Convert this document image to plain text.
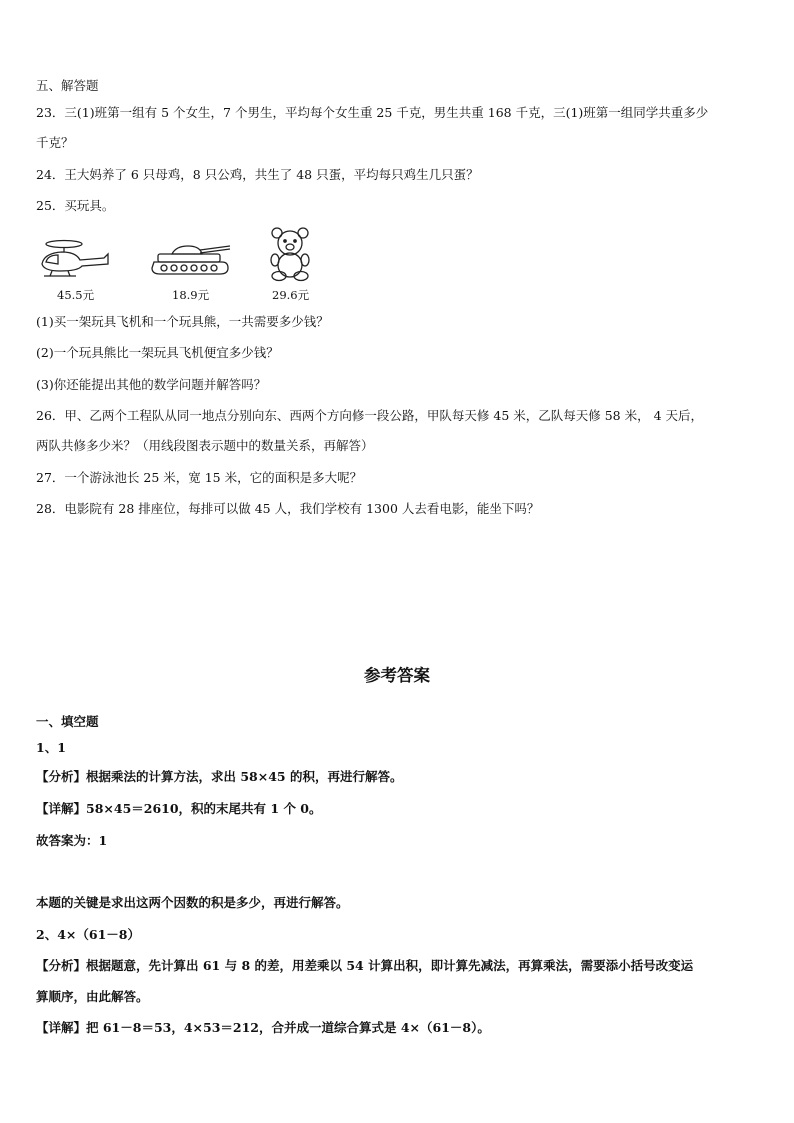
五、解答题
23．三(1)班第一组有 5 个女生，7 个男生，平均每个女生重 25 千克，男生共重 168 千克，三(1)班第一组同学共重多少
千克？
24．王大妈养了 6 只母鸡，8 只公鸡，共生了 48 只蛋，平均每只鸡生几只蛋？
25．买玩具。
45.5元	18.9元	29.6元
(1)买一架玩具飞机和一个玩具熊，一共需要多少钱？
(2)一个玩具熊比一架玩具飞机便宜多少钱？
(3)你还能提出其他的数学问题并解答吗？
26．甲、乙两个工程队从同一地点分别向东、西两个方向修一段公路，甲队每天修 45 米，乙队每天修 58 米， 4 天后，
两队共修多少米？（用线段图表示题中的数量关系，再解答）
27．一个游泳池长 25 米，宽 15 米，它的面积是多大呢？
28．电影院有 28 排座位，每排可以做 45 人，我们学校有 1300 人去看电影，能坐下吗？
参考答案
一、填空题
1、1
【分析】根据乘法的计算方法，求出 58×45 的积，再进行解答。
【详解】58×45＝2610，积的末尾共有 1 个 0。
故答案为：1
本题的关键是求出这两个因数的积是多少，再进行解答。
2、4×（61－8）
【分析】根据题意，先计算出 61 与 8 的差，用差乘以 54 计算出积，即计算先减法，再算乘法，需要添小括号改变运
算顺序，由此解答。
【详解】把 61－8＝53，4×53＝212，合并成一道综合算式是 4×（61－8）。
